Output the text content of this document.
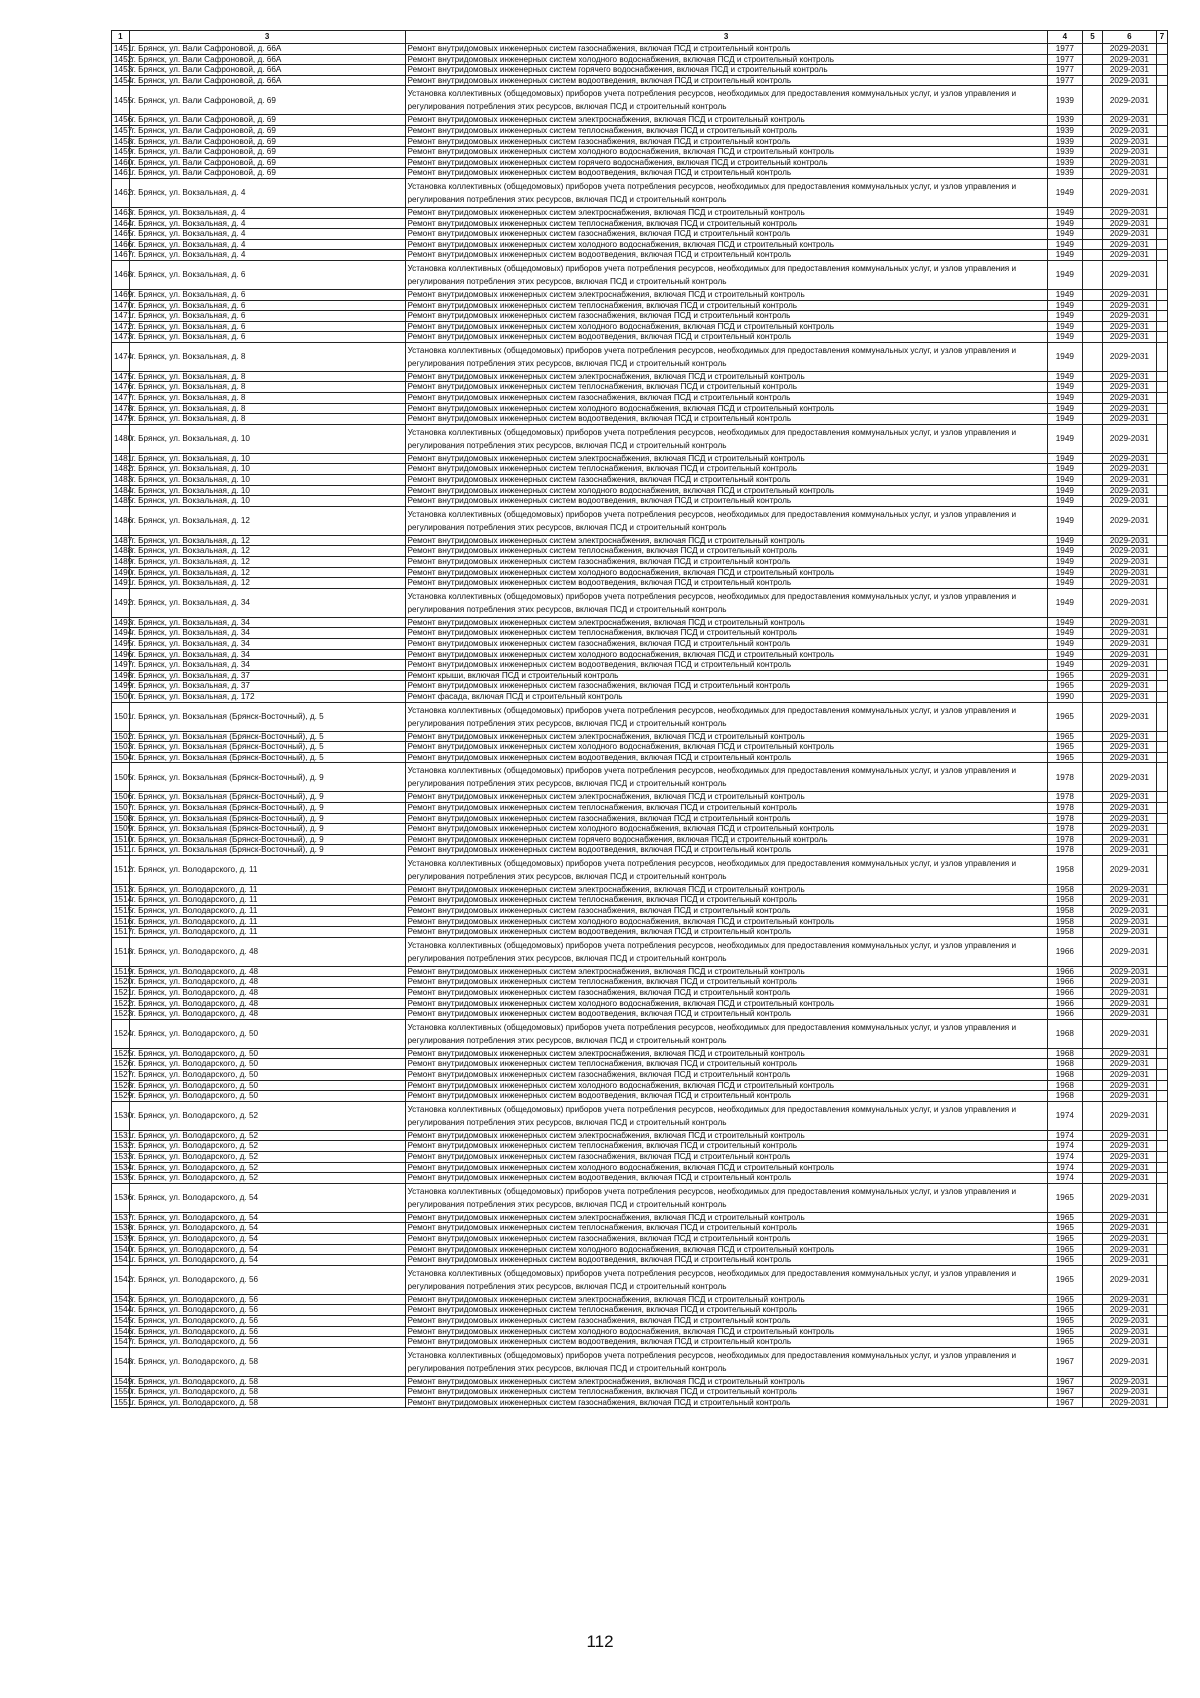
1	3	3	4	5	6	7
1451	г. Брянск, ул. Вали Сафроновой, д. 66А	Ремонт внутридомовых инженерных систем газоснабжения, включая ПСД и строительный контроль	1977		2029-2031	
1452	г. Брянск, ул. Вали Сафроновой, д. 66А	Ремонт внутридомовых инженерных систем холодного водоснабжения, включая ПСД и строительный контроль	1977		2029-2031	
1453	г. Брянск, ул. Вали Сафроновой, д. 66А	Ремонт внутридомовых инженерных систем горячего водоснабжения, включая ПСД и строительный контроль	1977		2029-2031	
1454	г. Брянск, ул. Вали Сафроновой, д. 66А	Ремонт внутридомовых инженерных систем водоотведения, включая ПСД и строительный контроль	1977		2029-2031	
1455	г. Брянск, ул. Вали Сафроновой, д. 69	Установка коллективных (общедомовых) приборов учета потребления ресурсов, необходимых для предоставления коммунальных услуг, и узлов управления и регулирования потребления этих ресурсов, включая ПСД и строительный контроль	1939		2029-2031	
1456	г. Брянск, ул. Вали Сафроновой, д. 69	Ремонт внутридомовых инженерных систем электроснабжения, включая ПСД и строительный контроль	1939		2029-2031	
1457	г. Брянск, ул. Вали Сафроновой, д. 69	Ремонт внутридомовых инженерных систем теплоснабжения, включая ПСД и строительный контроль	1939		2029-2031	
1458	г. Брянск, ул. Вали Сафроновой, д. 69	Ремонт внутридомовых инженерных систем газоснабжения, включая ПСД и строительный контроль	1939		2029-2031	
1459	г. Брянск, ул. Вали Сафроновой, д. 69	Ремонт внутридомовых инженерных систем холодного водоснабжения, включая ПСД и строительный контроль	1939		2029-2031	
1460	г. Брянск, ул. Вали Сафроновой, д. 69	Ремонт внутридомовых инженерных систем горячего водоснабжения, включая ПСД и строительный контроль	1939		2029-2031	
1461	г. Брянск, ул. Вали Сафроновой, д. 69	Ремонт внутридомовых инженерных систем водоотведения, включая ПСД и строительный контроль	1939		2029-2031	
1462	г. Брянск, ул. Вокзальная, д. 4	Установка коллективных (общедомовых) приборов учета потребления ресурсов, необходимых для предоставления коммунальных услуг, и узлов управления и регулирования потребления этих ресурсов, включая ПСД и строительный контроль	1949		2029-2031	
1463	г. Брянск, ул. Вокзальная, д. 4	Ремонт внутридомовых инженерных систем электроснабжения, включая ПСД и строительный контроль	1949		2029-2031	
1464	г. Брянск, ул. Вокзальная, д. 4	Ремонт внутридомовых инженерных систем теплоснабжения, включая ПСД и строительный контроль	1949		2029-2031	
1465	г. Брянск, ул. Вокзальная, д. 4	Ремонт внутридомовых инженерных систем газоснабжения, включая ПСД и строительный контроль	1949		2029-2031	
1466	г. Брянск, ул. Вокзальная, д. 4	Ремонт внутридомовых инженерных систем холодного водоснабжения, включая ПСД и строительный контроль	1949		2029-2031	
1467	г. Брянск, ул. Вокзальная, д. 4	Ремонт внутридомовых инженерных систем водоотведения, включая ПСД и строительный контроль	1949		2029-2031	
1468	г. Брянск, ул. Вокзальная, д. 6	Установка коллективных (общедомовых) приборов учета потребления ресурсов, необходимых для предоставления коммунальных услуг, и узлов управления и регулирования потребления этих ресурсов, включая ПСД и строительный контроль	1949		2029-2031	
1469	г. Брянск, ул. Вокзальная, д. 6	Ремонт внутридомовых инженерных систем электроснабжения, включая ПСД и строительный контроль	1949		2029-2031	
1470	г. Брянск, ул. Вокзальная, д. 6	Ремонт внутридомовых инженерных систем теплоснабжения, включая ПСД и строительный контроль	1949		2029-2031	
1471	г. Брянск, ул. Вокзальная, д. 6	Ремонт внутридомовых инженерных систем газоснабжения, включая ПСД и строительный контроль	1949		2029-2031	
1472	г. Брянск, ул. Вокзальная, д. 6	Ремонт внутридомовых инженерных систем холодного водоснабжения, включая ПСД и строительный контроль	1949		2029-2031	
1473	г. Брянск, ул. Вокзальная, д. 6	Ремонт внутридомовых инженерных систем водоотведения, включая ПСД и строительный контроль	1949		2029-2031	
1474	г. Брянск, ул. Вокзальная, д. 8	Установка коллективных (общедомовых) приборов учета потребления ресурсов, необходимых для предоставления коммунальных услуг, и узлов управления и регулирования потребления этих ресурсов, включая ПСД и строительный контроль	1949		2029-2031	
1475	г. Брянск, ул. Вокзальная, д. 8	Ремонт внутридомовых инженерных систем электроснабжения, включая ПСД и строительный контроль	1949		2029-2031	
1476	г. Брянск, ул. Вокзальная, д. 8	Ремонт внутридомовых инженерных систем теплоснабжения, включая ПСД и строительный контроль	1949		2029-2031	
1477	г. Брянск, ул. Вокзальная, д. 8	Ремонт внутридомовых инженерных систем газоснабжения, включая ПСД и строительный контроль	1949		2029-2031	
1478	г. Брянск, ул. Вокзальная, д. 8	Ремонт внутридомовых инженерных систем холодного водоснабжения, включая ПСД и строительный контроль	1949		2029-2031	
1479	г. Брянск, ул. Вокзальная, д. 8	Ремонт внутридомовых инженерных систем водоотведения, включая ПСД и строительный контроль	1949		2029-2031	
1480	г. Брянск, ул. Вокзальная, д. 10	Установка коллективных (общедомовых) приборов учета потребления ресурсов, необходимых для предоставления коммунальных услуг, и узлов управления и регулирования потребления этих ресурсов, включая ПСД и строительный контроль	1949		2029-2031	
1481	г. Брянск, ул. Вокзальная, д. 10	Ремонт внутридомовых инженерных систем электроснабжения, включая ПСД и строительный контроль	1949		2029-2031	
1482	г. Брянск, ул. Вокзальная, д. 10	Ремонт внутридомовых инженерных систем теплоснабжения, включая ПСД и строительный контроль	1949		2029-2031	
1483	г. Брянск, ул. Вокзальная, д. 10	Ремонт внутридомовых инженерных систем газоснабжения, включая ПСД и строительный контроль	1949		2029-2031	
1484	г. Брянск, ул. Вокзальная, д. 10	Ремонт внутридомовых инженерных систем холодного водоснабжения, включая ПСД и строительный контроль	1949		2029-2031	
1485	г. Брянск, ул. Вокзальная, д. 10	Ремонт внутридомовых инженерных систем водоотведения, включая ПСД и строительный контроль	1949		2029-2031	
1486	г. Брянск, ул. Вокзальная, д. 12	Установка коллективных (общедомовых) приборов учета потребления ресурсов, необходимых для предоставления коммунальных услуг, и узлов управления и регулирования потребления этих ресурсов, включая ПСД и строительный контроль	1949		2029-2031	
1487	г. Брянск, ул. Вокзальная, д. 12	Ремонт внутридомовых инженерных систем электроснабжения, включая ПСД и строительный контроль	1949		2029-2031	
1488	г. Брянск, ул. Вокзальная, д. 12	Ремонт внутридомовых инженерных систем теплоснабжения, включая ПСД и строительный контроль	1949		2029-2031	
1489	г. Брянск, ул. Вокзальная, д. 12	Ремонт внутридомовых инженерных систем газоснабжения, включая ПСД и строительный контроль	1949		2029-2031	
1490	г. Брянск, ул. Вокзальная, д. 12	Ремонт внутридомовых инженерных систем холодного водоснабжения, включая ПСД и строительный контроль	1949		2029-2031	
1491	г. Брянск, ул. Вокзальная, д. 12	Ремонт внутридомовых инженерных систем водоотведения, включая ПСД и строительный контроль	1949		2029-2031	
1492	г. Брянск, ул. Вокзальная, д. 34	Установка коллективных (общедомовых) приборов учета потребления ресурсов, необходимых для предоставления коммунальных услуг, и узлов управления и регулирования потребления этих ресурсов, включая ПСД и строительный контроль	1949		2029-2031	
1493	г. Брянск, ул. Вокзальная, д. 34	Ремонт внутридомовых инженерных систем электроснабжения, включая ПСД и строительный контроль	1949		2029-2031	
1494	г. Брянск, ул. Вокзальная, д. 34	Ремонт внутридомовых инженерных систем теплоснабжения, включая ПСД и строительный контроль	1949		2029-2031	
1495	г. Брянск, ул. Вокзальная, д. 34	Ремонт внутридомовых инженерных систем газоснабжения, включая ПСД и строительный контроль	1949		2029-2031	
1496	г. Брянск, ул. Вокзальная, д. 34	Ремонт внутридомовых инженерных систем холодного водоснабжения, включая ПСД и строительный контроль	1949		2029-2031	
1497	г. Брянск, ул. Вокзальная, д. 34	Ремонт внутридомовых инженерных систем водоотведения, включая ПСД и строительный контроль	1949		2029-2031	
1498	г. Брянск, ул. Вокзальная, д. 37	Ремонт крыши, включая ПСД и строительный контроль	1965		2029-2031	
1499	г. Брянск, ул. Вокзальная, д. 37	Ремонт внутридомовых инженерных систем газоснабжения, включая ПСД и строительный контроль	1965		2029-2031	
1500	г. Брянск, ул. Вокзальная, д. 172	Ремонт фасада, включая ПСД и строительный контроль	1990		2029-2031	
1501	г. Брянск, ул. Вокзальная (Брянск-Восточный), д. 5	Установка коллективных (общедомовых) приборов учета потребления ресурсов, необходимых для предоставления коммунальных услуг, и узлов управления и регулирования потребления этих ресурсов, включая ПСД и строительный контроль	1965		2029-2031	
1502	г. Брянск, ул. Вокзальная (Брянск-Восточный), д. 5	Ремонт внутридомовых инженерных систем электроснабжения, включая ПСД и строительный контроль	1965		2029-2031	
1503	г. Брянск, ул. Вокзальная (Брянск-Восточный), д. 5	Ремонт внутридомовых инженерных систем холодного водоснабжения, включая ПСД и строительный контроль	1965		2029-2031	
1504	г. Брянск, ул. Вокзальная (Брянск-Восточный), д. 5	Ремонт внутридомовых инженерных систем водоотведения, включая ПСД и строительный контроль	1965		2029-2031	
1505	г. Брянск, ул. Вокзальная (Брянск-Восточный), д. 9	Установка коллективных (общедомовых) приборов учета потребления ресурсов, необходимых для предоставления коммунальных услуг, и узлов управления и регулирования потребления этих ресурсов, включая ПСД и строительный контроль	1978		2029-2031	
1506	г. Брянск, ул. Вокзальная (Брянск-Восточный), д. 9	Ремонт внутридомовых инженерных систем электроснабжения, включая ПСД и строительный контроль	1978		2029-2031	
1507	г. Брянск, ул. Вокзальная (Брянск-Восточный), д. 9	Ремонт внутридомовых инженерных систем теплоснабжения, включая ПСД и строительный контроль	1978		2029-2031	
1508	г. Брянск, ул. Вокзальная (Брянск-Восточный), д. 9	Ремонт внутридомовых инженерных систем газоснабжения, включая ПСД и строительный контроль	1978		2029-2031	
1509	г. Брянск, ул. Вокзальная (Брянск-Восточный), д. 9	Ремонт внутридомовых инженерных систем холодного водоснабжения, включая ПСД и строительный контроль	1978		2029-2031	
1510	г. Брянск, ул. Вокзальная (Брянск-Восточный), д. 9	Ремонт внутридомовых инженерных систем горячего водоснабжения, включая ПСД и строительный контроль	1978		2029-2031	
1511	г. Брянск, ул. Вокзальная (Брянск-Восточный), д. 9	Ремонт внутридомовых инженерных систем водоотведения, включая ПСД и строительный контроль	1978		2029-2031	
1512	г. Брянск, ул. Володарского, д. 11	Установка коллективных (общедомовых) приборов учета потребления ресурсов, необходимых для предоставления коммунальных услуг, и узлов управления и регулирования потребления этих ресурсов, включая ПСД и строительный контроль	1958		2029-2031	
1513	г. Брянск, ул. Володарского, д. 11	Ремонт внутридомовых инженерных систем электроснабжения, включая ПСД и строительный контроль	1958		2029-2031	
1514	г. Брянск, ул. Володарского, д. 11	Ремонт внутридомовых инженерных систем теплоснабжения, включая ПСД и строительный контроль	1958		2029-2031	
1515	г. Брянск, ул. Володарского, д. 11	Ремонт внутридомовых инженерных систем газоснабжения, включая ПСД и строительный контроль	1958		2029-2031	
1516	г. Брянск, ул. Володарского, д. 11	Ремонт внутридомовых инженерных систем холодного водоснабжения, включая ПСД и строительный контроль	1958		2029-2031	
1517	г. Брянск, ул. Володарского, д. 11	Ремонт внутридомовых инженерных систем водоотведения, включая ПСД и строительный контроль	1958		2029-2031	
1518	г. Брянск, ул. Володарского, д. 48	Установка коллективных (общедомовых) приборов учета потребления ресурсов, необходимых для предоставления коммунальных услуг, и узлов управления и регулирования потребления этих ресурсов, включая ПСД и строительный контроль	1966		2029-2031	
1519	г. Брянск, ул. Володарского, д. 48	Ремонт внутридомовых инженерных систем электроснабжения, включая ПСД и строительный контроль	1966		2029-2031	
1520	г. Брянск, ул. Володарского, д. 48	Ремонт внутридомовых инженерных систем теплоснабжения, включая ПСД и строительный контроль	1966		2029-2031	
1521	г. Брянск, ул. Володарского, д. 48	Ремонт внутридомовых инженерных систем газоснабжения, включая ПСД и строительный контроль	1966		2029-2031	
1522	г. Брянск, ул. Володарского, д. 48	Ремонт внутридомовых инженерных систем холодного водоснабжения, включая ПСД и строительный контроль	1966		2029-2031	
1523	г. Брянск, ул. Володарского, д. 48	Ремонт внутридомовых инженерных систем водоотведения, включая ПСД и строительный контроль	1966		2029-2031	
1524	г. Брянск, ул. Володарского, д. 50	Установка коллективных (общедомовых) приборов учета потребления ресурсов, необходимых для предоставления коммунальных услуг, и узлов управления и регулирования потребления этих ресурсов, включая ПСД и строительный контроль	1968		2029-2031	
1525	г. Брянск, ул. Володарского, д. 50	Ремонт внутридомовых инженерных систем электроснабжения, включая ПСД и строительный контроль	1968		2029-2031	
1526	г. Брянск, ул. Володарского, д. 50	Ремонт внутридомовых инженерных систем теплоснабжения, включая ПСД и строительный контроль	1968		2029-2031	
1527	г. Брянск, ул. Володарского, д. 50	Ремонт внутридомовых инженерных систем газоснабжения, включая ПСД и строительный контроль	1968		2029-2031	
1528	г. Брянск, ул. Володарского, д. 50	Ремонт внутридомовых инженерных систем холодного водоснабжения, включая ПСД и строительный контроль	1968		2029-2031	
1529	г. Брянск, ул. Володарского, д. 50	Ремонт внутридомовых инженерных систем водоотведения, включая ПСД и строительный контроль	1968		2029-2031	
1530	г. Брянск, ул. Володарского, д. 52	Установка коллективных (общедомовых) приборов учета потребления ресурсов, необходимых для предоставления коммунальных услуг, и узлов управления и регулирования потребления этих ресурсов, включая ПСД и строительный контроль	1974		2029-2031	
1531	г. Брянск, ул. Володарского, д. 52	Ремонт внутридомовых инженерных систем электроснабжения, включая ПСД и строительный контроль	1974		2029-2031	
1532	г. Брянск, ул. Володарского, д. 52	Ремонт внутридомовых инженерных систем теплоснабжения, включая ПСД и строительный контроль	1974		2029-2031	
1533	г. Брянск, ул. Володарского, д. 52	Ремонт внутридомовых инженерных систем газоснабжения, включая ПСД и строительный контроль	1974		2029-2031	
1534	г. Брянск, ул. Володарского, д. 52	Ремонт внутридомовых инженерных систем холодного водоснабжения, включая ПСД и строительный контроль	1974		2029-2031	
1535	г. Брянск, ул. Володарского, д. 52	Ремонт внутридомовых инженерных систем водоотведения, включая ПСД и строительный контроль	1974		2029-2031	
1536	г. Брянск, ул. Володарского, д. 54	Установка коллективных (общедомовых) приборов учета потребления ресурсов, необходимых для предоставления коммунальных услуг, и узлов управления и регулирования потребления этих ресурсов, включая ПСД и строительный контроль	1965		2029-2031	
1537	г. Брянск, ул. Володарского, д. 54	Ремонт внутридомовых инженерных систем электроснабжения, включая ПСД и строительный контроль	1965		2029-2031	
1538	г. Брянск, ул. Володарского, д. 54	Ремонт внутридомовых инженерных систем теплоснабжения, включая ПСД и строительный контроль	1965		2029-2031	
1539	г. Брянск, ул. Володарского, д. 54	Ремонт внутридомовых инженерных систем газоснабжения, включая ПСД и строительный контроль	1965		2029-2031	
1540	г. Брянск, ул. Володарского, д. 54	Ремонт внутридомовых инженерных систем холодного водоснабжения, включая ПСД и строительный контроль	1965		2029-2031	
1541	г. Брянск, ул. Володарского, д. 54	Ремонт внутридомовых инженерных систем водоотведения, включая ПСД и строительный контроль	1965		2029-2031	
1542	г. Брянск, ул. Володарского, д. 56	Установка коллективных (общедомовых) приборов учета потребления ресурсов, необходимых для предоставления коммунальных услуг, и узлов управления и регулирования потребления этих ресурсов, включая ПСД и строительный контроль	1965		2029-2031	
1543	г. Брянск, ул. Володарского, д. 56	Ремонт внутридомовых инженерных систем электроснабжения, включая ПСД и строительный контроль	1965		2029-2031	
1544	г. Брянск, ул. Володарского, д. 56	Ремонт внутридомовых инженерных систем теплоснабжения, включая ПСД и строительный контроль	1965		2029-2031	
1545	г. Брянск, ул. Володарского, д. 56	Ремонт внутридомовых инженерных систем газоснабжения, включая ПСД и строительный контроль	1965		2029-2031	
1546	г. Брянск, ул. Володарского, д. 56	Ремонт внутридомовых инженерных систем холодного водоснабжения, включая ПСД и строительный контроль	1965		2029-2031	
1547	г. Брянск, ул. Володарского, д. 56	Ремонт внутридомовых инженерных систем водоотведения, включая ПСД и строительный контроль	1965		2029-2031	
1548	г. Брянск, ул. Володарского, д. 58	Установка коллективных (общедомовых) приборов учета потребления ресурсов, необходимых для предоставления коммунальных услуг, и узлов управления и регулирования потребления этих ресурсов, включая ПСД и строительный контроль	1967		2029-2031	
1549	г. Брянск, ул. Володарского, д. 58	Ремонт внутридомовых инженерных систем электроснабжения, включая ПСД и строительный контроль	1967		2029-2031	
1550	г. Брянск, ул. Володарского, д. 58	Ремонт внутридомовых инженерных систем теплоснабжения, включая ПСД и строительный контроль	1967		2029-2031	
1551	г. Брянск, ул. Володарского, д. 58	Ремонт внутридомовых инженерных систем газоснабжения, включая ПСД и строительный контроль	1967		2029-2031	
112
